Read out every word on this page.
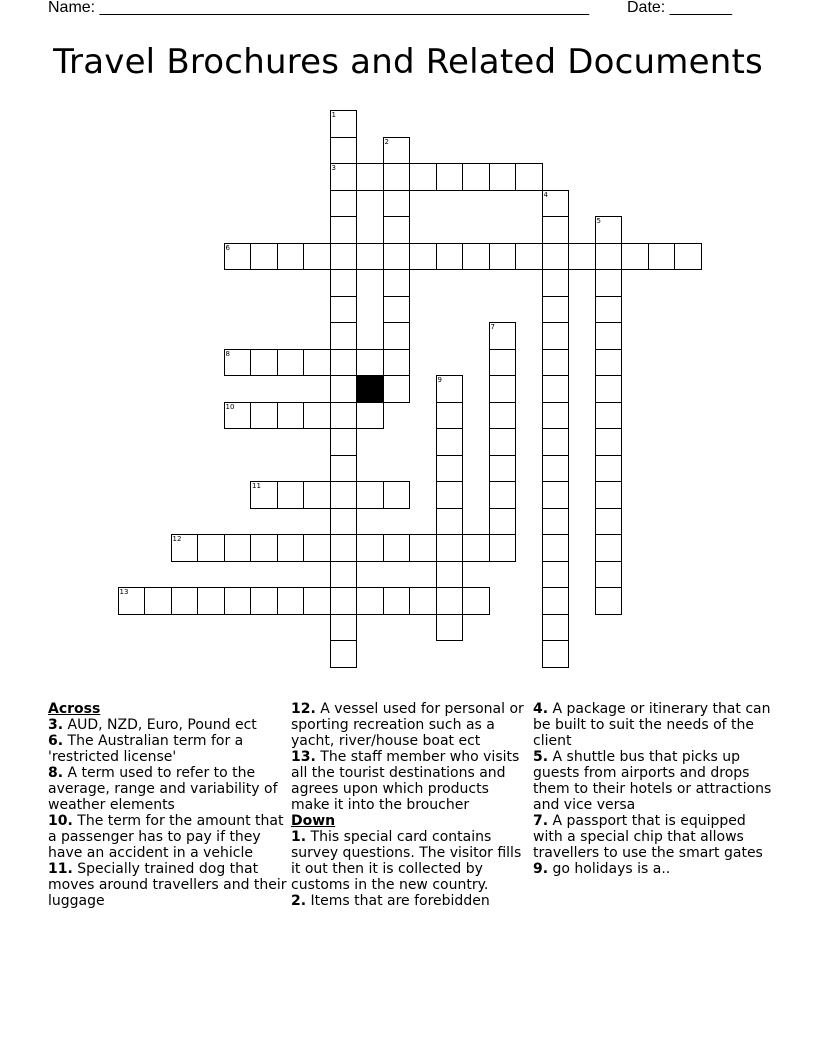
Name: _______________________________________________________ Date: _______
Travel Brochures and Related Documents
1
3
2
4
5
6
7
8
9
10
11
12
13
Across

3. AUD, NZD, Euro, Pound ect

6. The Australian term for a 'restricted license'

8. A term used to refer to the average, range and variability of weather elements

10. The term for the amount that a passenger has to pay if they have an accident in a vehicle

11. Specially trained dog that moves around travellers and their luggage

12. A vessel used for personal or sporting recreation such as a yacht, river/house boat ect

13. The staff member who visits all the tourist destinations and agrees upon which products make it into the broucher

Down

1. This special card contains survey questions. The visitor fills it out then it is collected by customs in the new country.

2. Items that are forebidden

4. A package or itinerary that can be built to suit the needs of the client

5. A shuttle bus that picks up guests from airports and drops them to their hotels or attractions and vice versa

7. A passport that is equipped with a special chip that allows travellers to use the smart gates

9. go holidays is a..
